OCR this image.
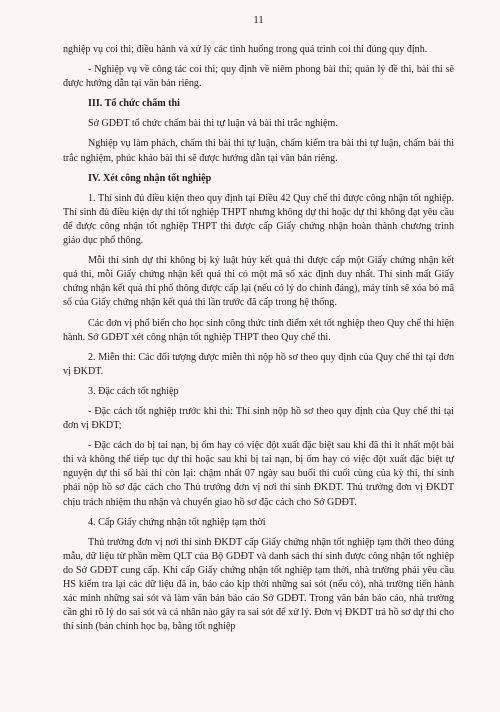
11

nghiệp vụ coi thi; điều hành và xử lý các tình huống trong quá trình coi thi đúng quy định.

- Nghiệp vụ về công tác coi thi; quy định về niêm phong bài thi; quản lý đề thi, bài thi sẽ được hướng dẫn tại văn bản riêng.

III. Tổ chức chấm thi

Sở GDĐT tổ chức chấm bài thi tự luận và bài thi trắc nghiệm.

Nghiệp vụ làm phách, chấm thi bài thi tự luận, chấm kiểm tra bài thi tự luận, chấm bài thi trắc nghiệm, phúc khảo bài thi sẽ được hướng dẫn tại văn bản riêng.

IV. Xét công nhận tốt nghiệp

1. Thí sinh đủ điều kiện theo quy định tại Điều 42 Quy chế thi được công nhận tốt nghiệp. Thí sinh đủ điều kiện dự thi tốt nghiệp THPT nhưng không dự thi hoặc dự thi không đạt yêu cầu để được công nhận tốt nghiệp THPT thì được cấp Giấy chứng nhận hoàn thành chương trình giáo dục phổ thông.

Mỗi thí sinh dự thi không bị kỷ luật hủy kết quả thi được cấp một Giấy chứng nhận kết quả thi, mỗi Giấy chứng nhận kết quả thi có một mã số xác định duy nhất. Thí sinh mất Giấy chứng nhận kết quả thi phổ thông được cấp lại (nếu có lý do chính đáng), máy tính sẽ xóa bỏ mã số của Giấy chứng nhận kết quả thi lần trước đã cấp trong hệ thống.

Các đơn vị phổ biến cho học sinh công thức tính điểm xét tốt nghiệp theo Quy chế thi hiện hành. Sở GDĐT xét công nhận tốt nghiệp THPT theo Quy chế thi.

2. Miễn thi: Các đối tượng được miễn thi nộp hồ sơ theo quy định của Quy chế thi tại đơn vị ĐKDT.

3. Đặc cách tốt nghiệp

- Đặc cách tốt nghiệp trước khi thi: Thí sinh nộp hồ sơ theo quy định của Quy chế thi tại đơn vị ĐKDT;

- Đặc cách do bị tai nạn, bị ốm hay có việc đột xuất đặc biệt sau khi đã thi ít nhất một bài thi và không thể tiếp tục dự thi hoặc sau khi bị tai nạn, bị ốm hay có việc đột xuất đặc biệt tự nguyện dự thi số bài thi còn lại: chậm nhất 07 ngày sau buổi thi cuối cùng của kỳ thi, thí sinh phải nộp hồ sơ đặc cách cho Thủ trưởng đơn vị nơi thí sinh ĐKDT. Thủ trưởng đơn vị ĐKDT chịu trách nhiệm thu nhận và chuyển giao hồ sơ đặc cách cho Sở GDĐT.

4. Cấp Giấy chứng nhận tốt nghiệp tạm thời

Thủ trưởng đơn vị nơi thí sinh ĐKDT cấp Giấy chứng nhận tốt nghiệp tạm thời theo đúng mẫu, dữ liệu từ phần mềm QLT của Bộ GDĐT và danh sách thí sinh được công nhận tốt nghiệp do Sở GDĐT cung cấp. Khi cấp Giấy chứng nhận tốt nghiệp tạm thời, nhà trường phải yêu cầu HS kiểm tra lại các dữ liệu đã in, báo cáo kịp thời những sai sót (nếu có), nhà trường tiến hành xác minh những sai sót và làm văn bản báo cáo Sở GDĐT. Trong văn bản báo cáo, nhà trường cần ghi rõ lý do sai sót và cá nhân nào gây ra sai sót để xử lý. Đơn vị ĐKDT trả hồ sơ dự thi cho thí sinh (bản chính học bạ, bằng tốt nghiệp
